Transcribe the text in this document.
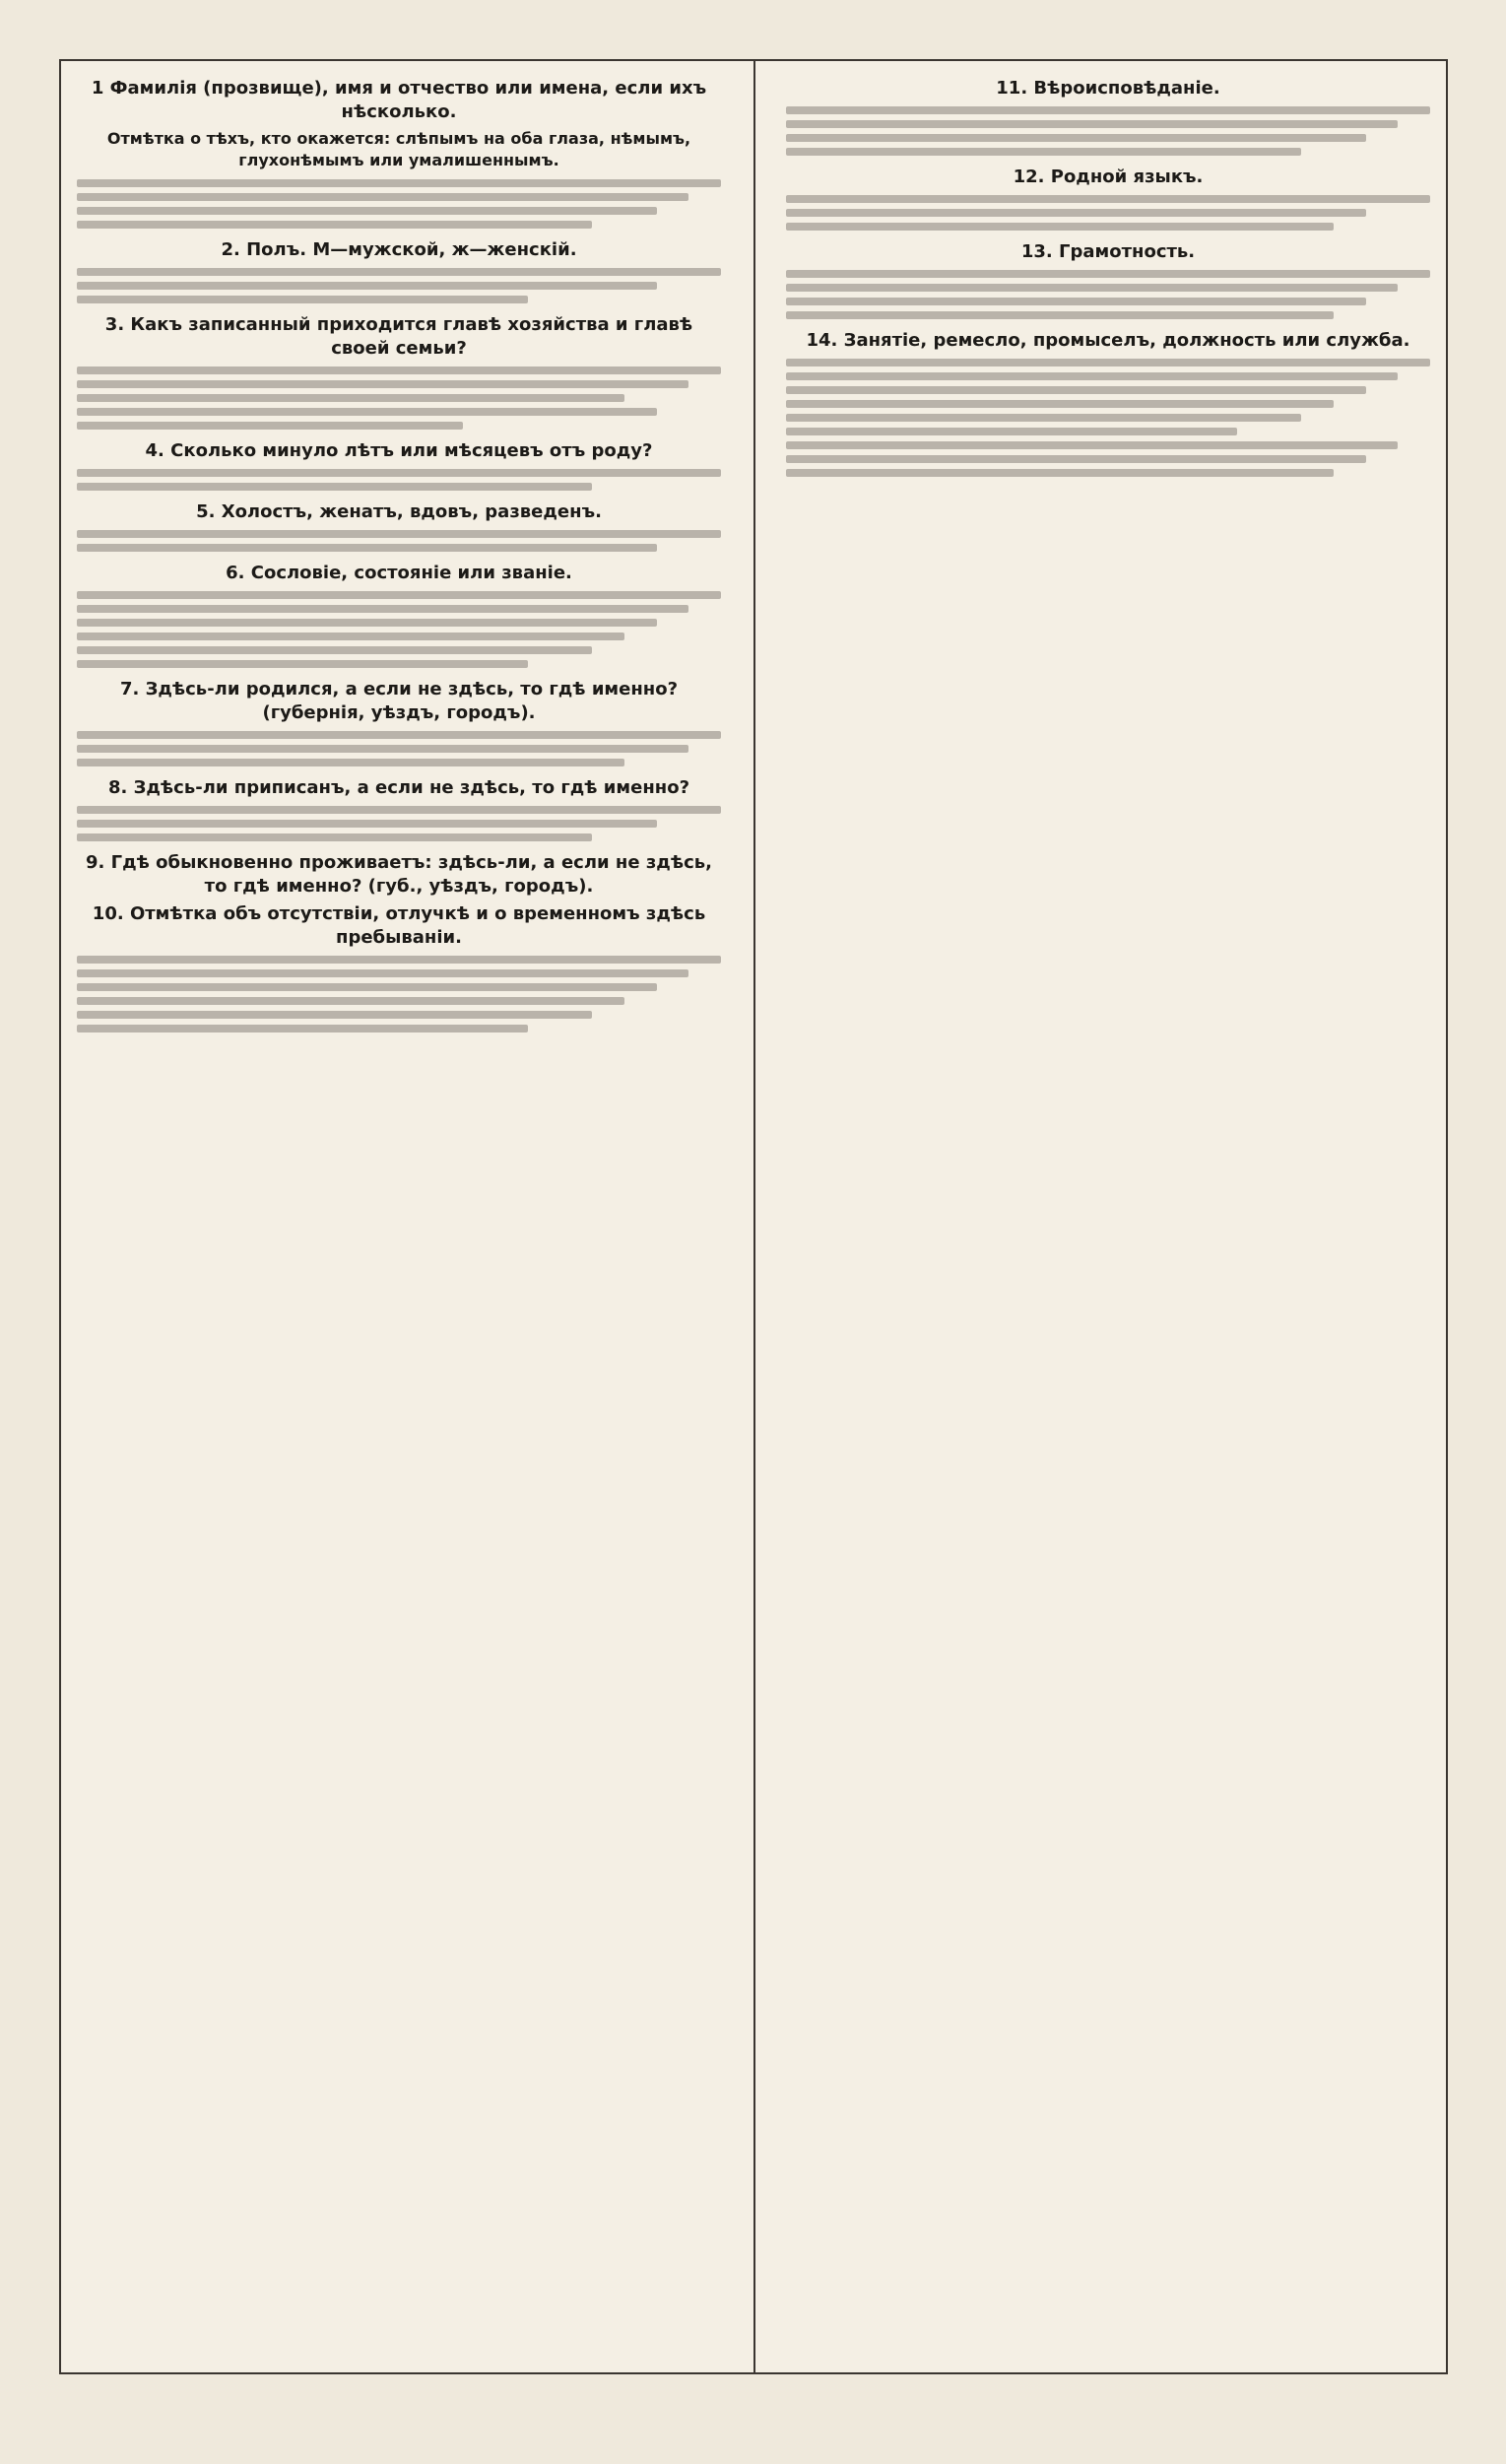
1 Фамилія (прозвище), имя и отчество или имена, если ихъ нѣсколько.
Отмѣтка о тѣхъ, кто окажется: слѣпымъ на оба глаза, нѣмымъ, глухонѣмымъ или умалишеннымъ.
2. Полъ. М—мужской, ж—женскій.
3. Какъ записанный приходится главѣ хозяйства и главѣ своей семьи?
4. Сколько минуло лѣтъ или мѣсяцевъ отъ роду?
5. Холостъ, женатъ, вдовъ, разведенъ.
6. Сословіе, состояніе или званіе.
7. Здѣсь-ли родился, а если не здѣсь, то гдѣ именно? (губернія, уѣздъ, городъ).
8. Здѣсь-ли приписанъ, а если не здѣсь, то гдѣ именно?
9. Гдѣ обыкновенно проживаетъ: здѣсь-ли, а если не здѣсь, то гдѣ именно? (губ., уѣздъ, городъ).
10. Отмѣтка объ отсутствіи, отлучкѣ и о временномъ здѣсь пребываніи.
11. Вѣроисповѣданіе.
12. Родной языкъ.
13. Грамотность.
14. Занятіе, ремесло, промыселъ, должность или служба.
